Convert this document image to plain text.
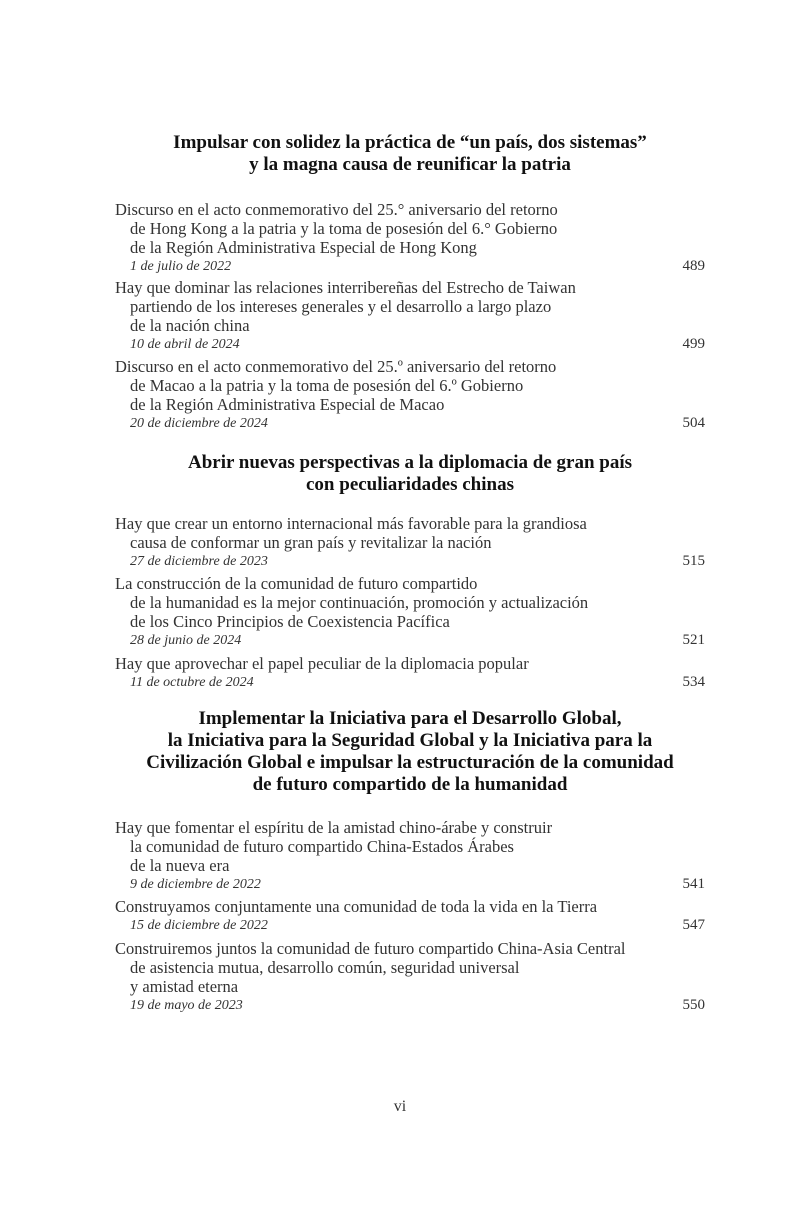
Impulsar con solidez la práctica de “un país, dos sistemas”
y la magna causa de reunificar la patria
Discurso en el acto conmemorativo del 25.° aniversario del retorno
de Hong Kong a la patria y la toma de posesión del 6.° Gobierno
de la Región Administrativa Especial de Hong Kong
1 de julio de 2022	489
Hay que dominar las relaciones interribereñas del Estrecho de Taiwan
partiendo de los intereses generales y el desarrollo a largo plazo
de la nación china
10 de abril de 2024	499
Discurso en el acto conmemorativo del 25.º aniversario del retorno
de Macao a la patria y la toma de posesión del 6.º Gobierno
de la Región Administrativa Especial de Macao
20 de diciembre de 2024	504
Abrir nuevas perspectivas a la diplomacia de gran país
con peculiaridades chinas
Hay que crear un entorno internacional más favorable para la grandiosa
causa de conformar un gran país y revitalizar la nación
27 de diciembre de 2023	515
La construcción de la comunidad de futuro compartido
de la humanidad es la mejor continuación, promoción y actualización
de los Cinco Principios de Coexistencia Pacífica
28 de junio de 2024	521
Hay que aprovechar el papel peculiar de la diplomacia popular
11 de octubre de 2024	534
Implementar la Iniciativa para el Desarrollo Global,
la Iniciativa para la Seguridad Global y la Iniciativa para la
Civilización Global e impulsar la estructuración de la comunidad
de futuro compartido de la humanidad
Hay que fomentar el espíritu de la amistad chino-árabe y construir
la comunidad de futuro compartido China-Estados Árabes
de la nueva era
9 de diciembre de 2022	541
Construyamos conjuntamente una comunidad de toda la vida en la Tierra
15 de diciembre de 2022	547
Construiremos juntos la comunidad de futuro compartido China-Asia Central
de asistencia mutua, desarrollo común, seguridad universal
y amistad eterna
19 de mayo de 2023	550
vi
